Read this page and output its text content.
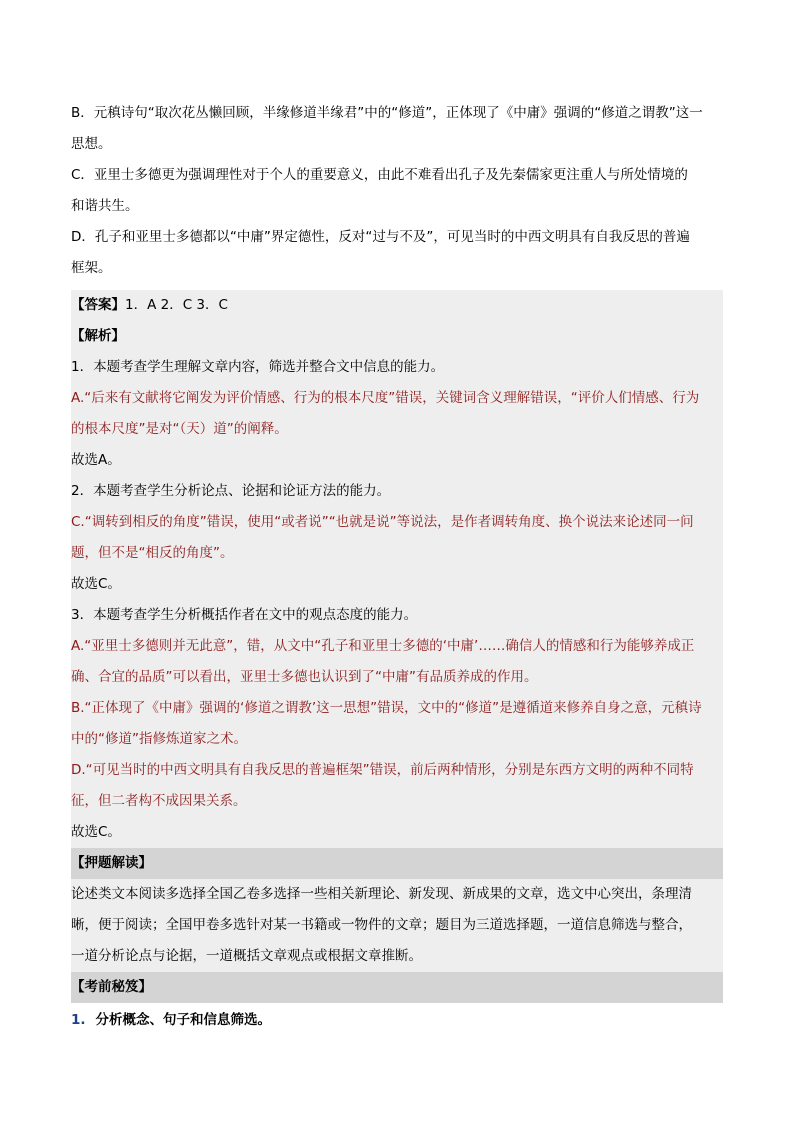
B．元稹诗句“取次花丛懒回顾，半缘修道半缘君”中的“修道”，正体现了《中庸》强调的“修道之谓教”这一

思想。

C．亚里士多德更为强调理性对于个人的重要意义，由此不难看出孔子及先秦儒家更注重人与所处情境的

和谐共生。

D．孔子和亚里士多德都以“中庸”界定德性，反对“过与不及”，可见当时的中西文明具有自我反思的普遍

框架。

【答案】1．A 2．C 3．C

【解析】

1．本题考查学生理解文章内容，筛选并整合文中信息的能力。

A.“后来有文献将它阐发为评价情感、行为的根本尺度”错误，关键词含义理解错误，“评价人们情感、行为

的根本尺度”是对“（天）道”的阐释。

故选A。

2．本题考查学生分析论点、论据和论证方法的能力。

C.“调转到相反的角度”错误，使用“或者说”“也就是说”等说法，是作者调转角度、换个说法来论述同一问

题，但不是“相反的角度”。

故选C。

3．本题考查学生分析概括作者在文中的观点态度的能力。

A.“亚里士多德则并无此意”，错，从文中“孔子和亚里士多德的‘中庸’……确信人的情感和行为能够养成正

确、合宜的品质”可以看出，亚里士多德也认识到了“中庸”有品质养成的作用。

B.“正体现了《中庸》强调的‘修道之谓教’这一思想”错误，文中的“修道”是遵循道来修养自身之意，元稹诗

中的“修道”指修炼道家之术。

D.“可见当时的中西文明具有自我反思的普遍框架”错误，前后两种情形，分别是东西方文明的两种不同特

征，但二者构不成因果关系。

故选C。

【押题解读】

论述类文本阅读多选择全国乙卷多选择一些相关新理论、新发现、新成果的文章，选文中心突出，条理清

晰，便于阅读；全国甲卷多选针对某一书籍或一物件的文章；题目为三道选择题，一道信息筛选与整合，

一道分析论点与论据，一道概括文章观点或根据文章推断。

【考前秘笈】

1. 分析概念、句子和信息筛选。
